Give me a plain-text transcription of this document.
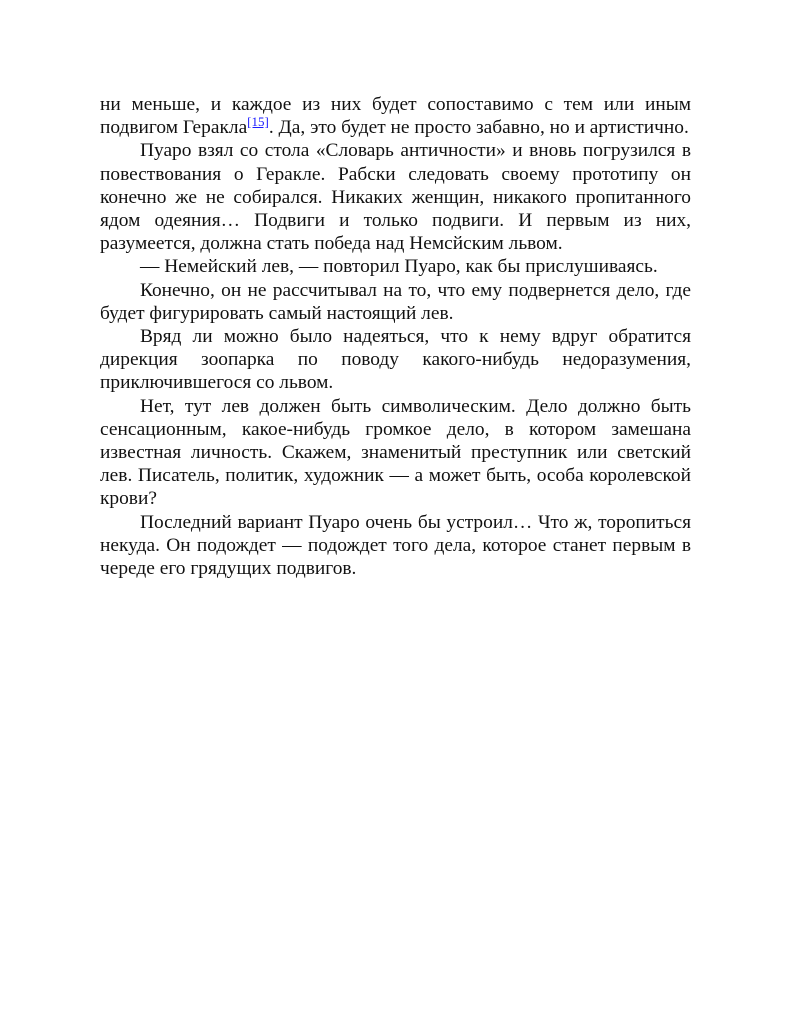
ни меньше, и каждое из них будет сопоставимо с тем или иным подвигом Геракла[15]. Да, это будет не просто забавно, но и артистично.

Пуаро взял со стола «Словарь античности» и вновь погрузился в повествования о Геракле. Рабски следовать своему прототипу он конечно же не собирался. Никаких женщин, никакого пропитанного ядом одеяния… Подвиги и только подвиги. И первым из них, разумеется, должна стать победа над Немсйским львом.

— Немейский лев, — повторил Пуаро, как бы прислушиваясь.

Конечно, он не рассчитывал на то, что ему подвернется дело, где будет фигурировать самый настоящий лев.

Вряд ли можно было надеяться, что к нему вдруг обратится дирекция зоопарка по поводу какого-нибудь недоразумения, приключившегося со львом.

Нет, тут лев должен быть символическим. Дело должно быть сенсационным, какое-нибудь громкое дело, в котором замешана известная личность. Скажем, знаменитый преступник или светский лев. Писатель, политик, художник — а может быть, особа королевской крови?

Последний вариант Пуаро очень бы устроил… Что ж, торопиться некуда. Он подождет — подождет того дела, которое станет первым в череде его грядущих подвигов.
